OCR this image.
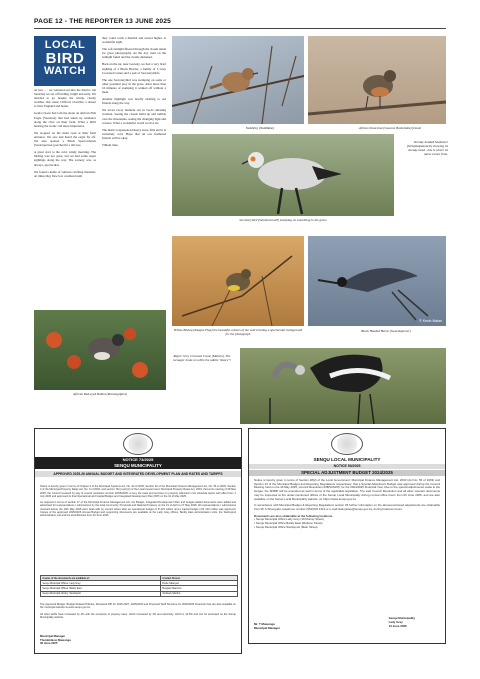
PAGE 12 - THE REPORTER 13 JUNE 2025
LOCAL
BIRD
WATCH

At last . . . we ventured out into the district. On Saturday we set off birding, bright and early. We decided to go despite the windy, cloudy weather. Our route: Clifford, Clarville, a detour to New England and home.

Geula Cloete had told me about an African Fish Eagle (Vaaretod) that had taken up residence along the river on their farm. What a thrill hearing the iconic call more impressive.

We stopped on the main road at their farm entrance. We saw and heard the eagle fly off. We also spotted a Black Sparrowhawk (Swartsperwer) perched in a tall tree.

A great start to the cold, windy morning. The birding was not great, but we had some super sightings along the way. The scenery was, as always, spectacular.

We found a kettle of vultures catching thermals. At times they flew low overhead until

they could catch a thermal and soared higher. A wonderful sight.

The soft sunlight filtered through the clouds made for great photography. As the day went on the sunlight faded and the clouds darkened.

Back on the tar, near Gorteny, we had a very brief sighting of a Black Harrier, a family of 5 Grey Crowned Cranes and a pair of Secretarybirds.

The one Secretarybird was stomping on some or other potential prey in the grass. After more than 10 minutes of stomping it walked off without a meal.

Another highlight was briefly chatting to old friends along the way.

We loved every moment out in God's amazing creation. Seeing the clouds build up and tumble over the mountains, seeing the changing light and colours. What a wonderful world we live in!

The district experienced heavy snow falls and it is extremely cold. Hope that all our feathered friends will be okay.

Tilhoni titus.

Neddicky (Neddikkie)	African Stonechat (Gewone Bontrokkie) female
Secretarybird (Sekretarisvoël) stomping on something in the grass
Streaky-headed Seedeater (Streepkopkanarie) showing its streaky head - this is where its name comes from.
African Red-eyed Bulbul (Rooioogtiptol)
Yellow Bishop (Kaapse Flap) the beautiful colours of the veld creating a spectacular background for the photograph
© Kevin Malan
Black Headed Heron (Swartkopreier)
Right: Grey Crowned Crane (Mahem). The teenager looks on while the adults "dance"!
NOTICE 73/2025
SENQU MUNICIPALITY
APPROVED 2025-26 ANNUAL BUDGET AND INTEGRATED DEVELOPMENT PLAN AND RATES AND TARIFFS

Notice is hereby given in terms of Chapter 4 of the Municipal Systems Act, No. 32 of 2000, Section 22 of the Municipal Finance Management Act, No. 56 of 2003, Section 4 of the Municipal Property Rates Act, No. 6 of 2004, and section 74(1) and (2) of the Local Government: Municipal Property Rates Act, 2004, that at its meeting of 29 May 2025, the Council resolved by way of council resolution number 03/05/2025: to levy the rates and services on property reflected in the schedule below with effect from 1 July 2025 and approved its final Operational and Capital Budget and Integrated Development Plan (IDP) on the 31 of May 2025.

As required in terms of section 17 of the Municipal Finance Management Act, the Budget, Integrated Development Plan and budget-related documents were tabled and advertised for representations / submissions by the local community, Provincial and National Treasury on the 31 of April to 27 May 2025. All representations / submissions received before the 16th May 2025 were dealt with by council where after an operational budget of R 423 million and a capital budget of R 120 million was approved. Copies of the approved 2025/2026 Annual Budget and supporting documents are available at the Lady Grey offices, Barkly East administration units, the Sterkspruit administrative unit and the local libraries from 06 June 2025.

Copies of the documents are available at:	Contact Person
Senqu Municipal Offices: Lady Grey	Dishe Nkanyezi
Senqu Municipal Offices: Barkly East	Bongiwe Manzoni
Senqu Municipal Library: Sterkspruit	Siviliswa Sibotha

The Approved Budget, Budget Related Policies, Reviewed IDP for 2025-2027, 2025/2026 and Proposed Tariff Structure for 2025/2026 Financial Year are also available on the municipal website at www.senqu.gov.za.

All other tariffs have increased by 4% with the exception of property rates, which increased by 4% and electricity, which is 12.5% and can be accessed on the Senqu Municipality website.

Municipal Manager
Thembinkosi Mawonga
06 June 2025
SENQU LOCAL MUNICIPALITY
NOTICE 50/2025
SPECIAL ADJUSTMENT BUDGET 2024/2025

Notice is hereby given in terms of Section 28(2) of the Local Government: Municipal Finance Management Act, 2003 (Act No. 56 of 2003) and Section 23 of the Municipal Budget and Reporting Regulations respectively, that a Special Adjustment Budget was approved during the Council Meeting held on the 30 May 2025, Council Resolution 038/SCM/25, for the 2024/2025 Financial Year. Due to the special adjustments made to the budget, the SDBIP will be amended as well in terms of the applicable legislation. The said Council Resolution and all other relevant documents may be inspected at the under-mentioned offices of the Senqu Local Municipality during normal office hours from 06 June 2025, and are also available on the Senqu Local Municipality website, at: https://www.senqu.gov.za

In accordance with Municipal Budget & Reporting Regulations section 26 further information on the abovementioned adjustments are obtainable from Mr S Sbonguda, telephone number (051)603 1319 or e-mail skampulee@senqu.gov.za, during business hours.

Documents are also obtainable at the following locations.

• Senqu Municipal Office Lady Grey (19 Murray Street)

• Senqu Municipal Office Barkly East (Molteno Street)

• Senqu Municipal Office Sterkspruit (Main Street)

Mr. T Mawonga
Municipal Manager
Senqu Municipality
Lady Grey
13 June 2025
